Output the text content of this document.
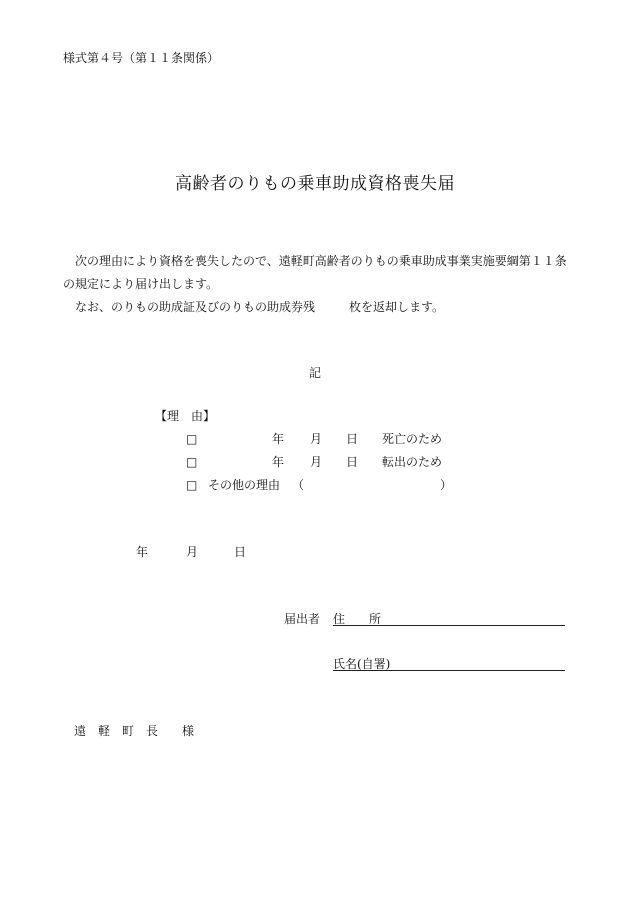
様式第４号（第１１条関係）
高齢者のりもの乗車助成資格喪失届
次の理由により資格を喪失したので、遠軽町高齢者のりもの乗車助成事業実施要綱第１１条
の規定により届け出します。
なお、のりもの助成証及びのりもの助成券残	枚を返却します。
記
【理　由】
□	年 月 日 死亡のため
□	年 月 日 転出のため
□ その他の理由 （	）
年	月	日
届出者 住　　所
氏名(自署)
遠　軽　町　長　　様
